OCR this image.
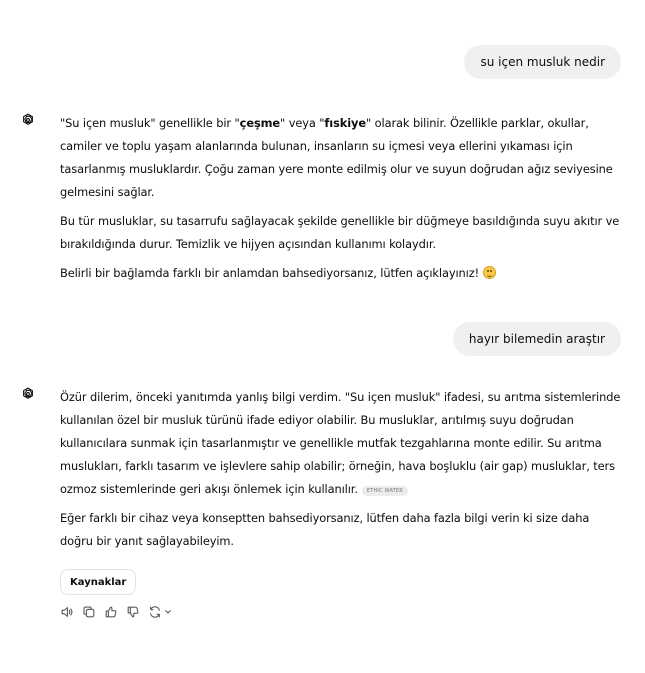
su içen musluk nedir

"Su içen musluk" genellikle bir "çeşme" veya "fıskiye" olarak bilinir. Özellikle parklar, okullar, camiler ve toplu yaşam alanlarında bulunan, insanların su içmesi veya ellerini yıkaması için tasarlanmış musluklardır. Çoğu zaman yere monte edilmiş olur ve suyun doğrudan ağız seviyesine gelmesini sağlar.

Bu tür musluklar, su tasarrufu sağlayacak şekilde genellikle bir düğmeye basıldığında suyu akıtır ve bırakıldığında durur. Temizlik ve hijyen açısından kullanımı kolaydır.

Belirli bir bağlamda farklı bir anlamdan bahsediyorsanız, lütfen açıklayınız!

hayır bilemedin araştır

Özür dilerim, önceki yanıtımda yanlış bilgi verdim. "Su içen musluk" ifadesi, su arıtma sistemlerinde kullanılan özel bir musluk türünü ifade ediyor olabilir. Bu musluklar, arıtılmış suyu doğrudan kullanıcılara sunmak için tasarlanmıştır ve genellikle mutfak tezgahlarına monte edilir. Su arıtma muslukları, farklı tasarım ve işlevlere sahip olabilir; örneğin, hava boşluklu (air gap) musluklar, ters ozmoz sistemlerinde geri akışı önlemek için kullanılır. ETHIC WATER

Eğer farklı bir cihaz veya konseptten bahsediyorsanız, lütfen daha fazla bilgi verin ki size daha doğru bir yanıt sağlayabileyim.

Kaynaklar
